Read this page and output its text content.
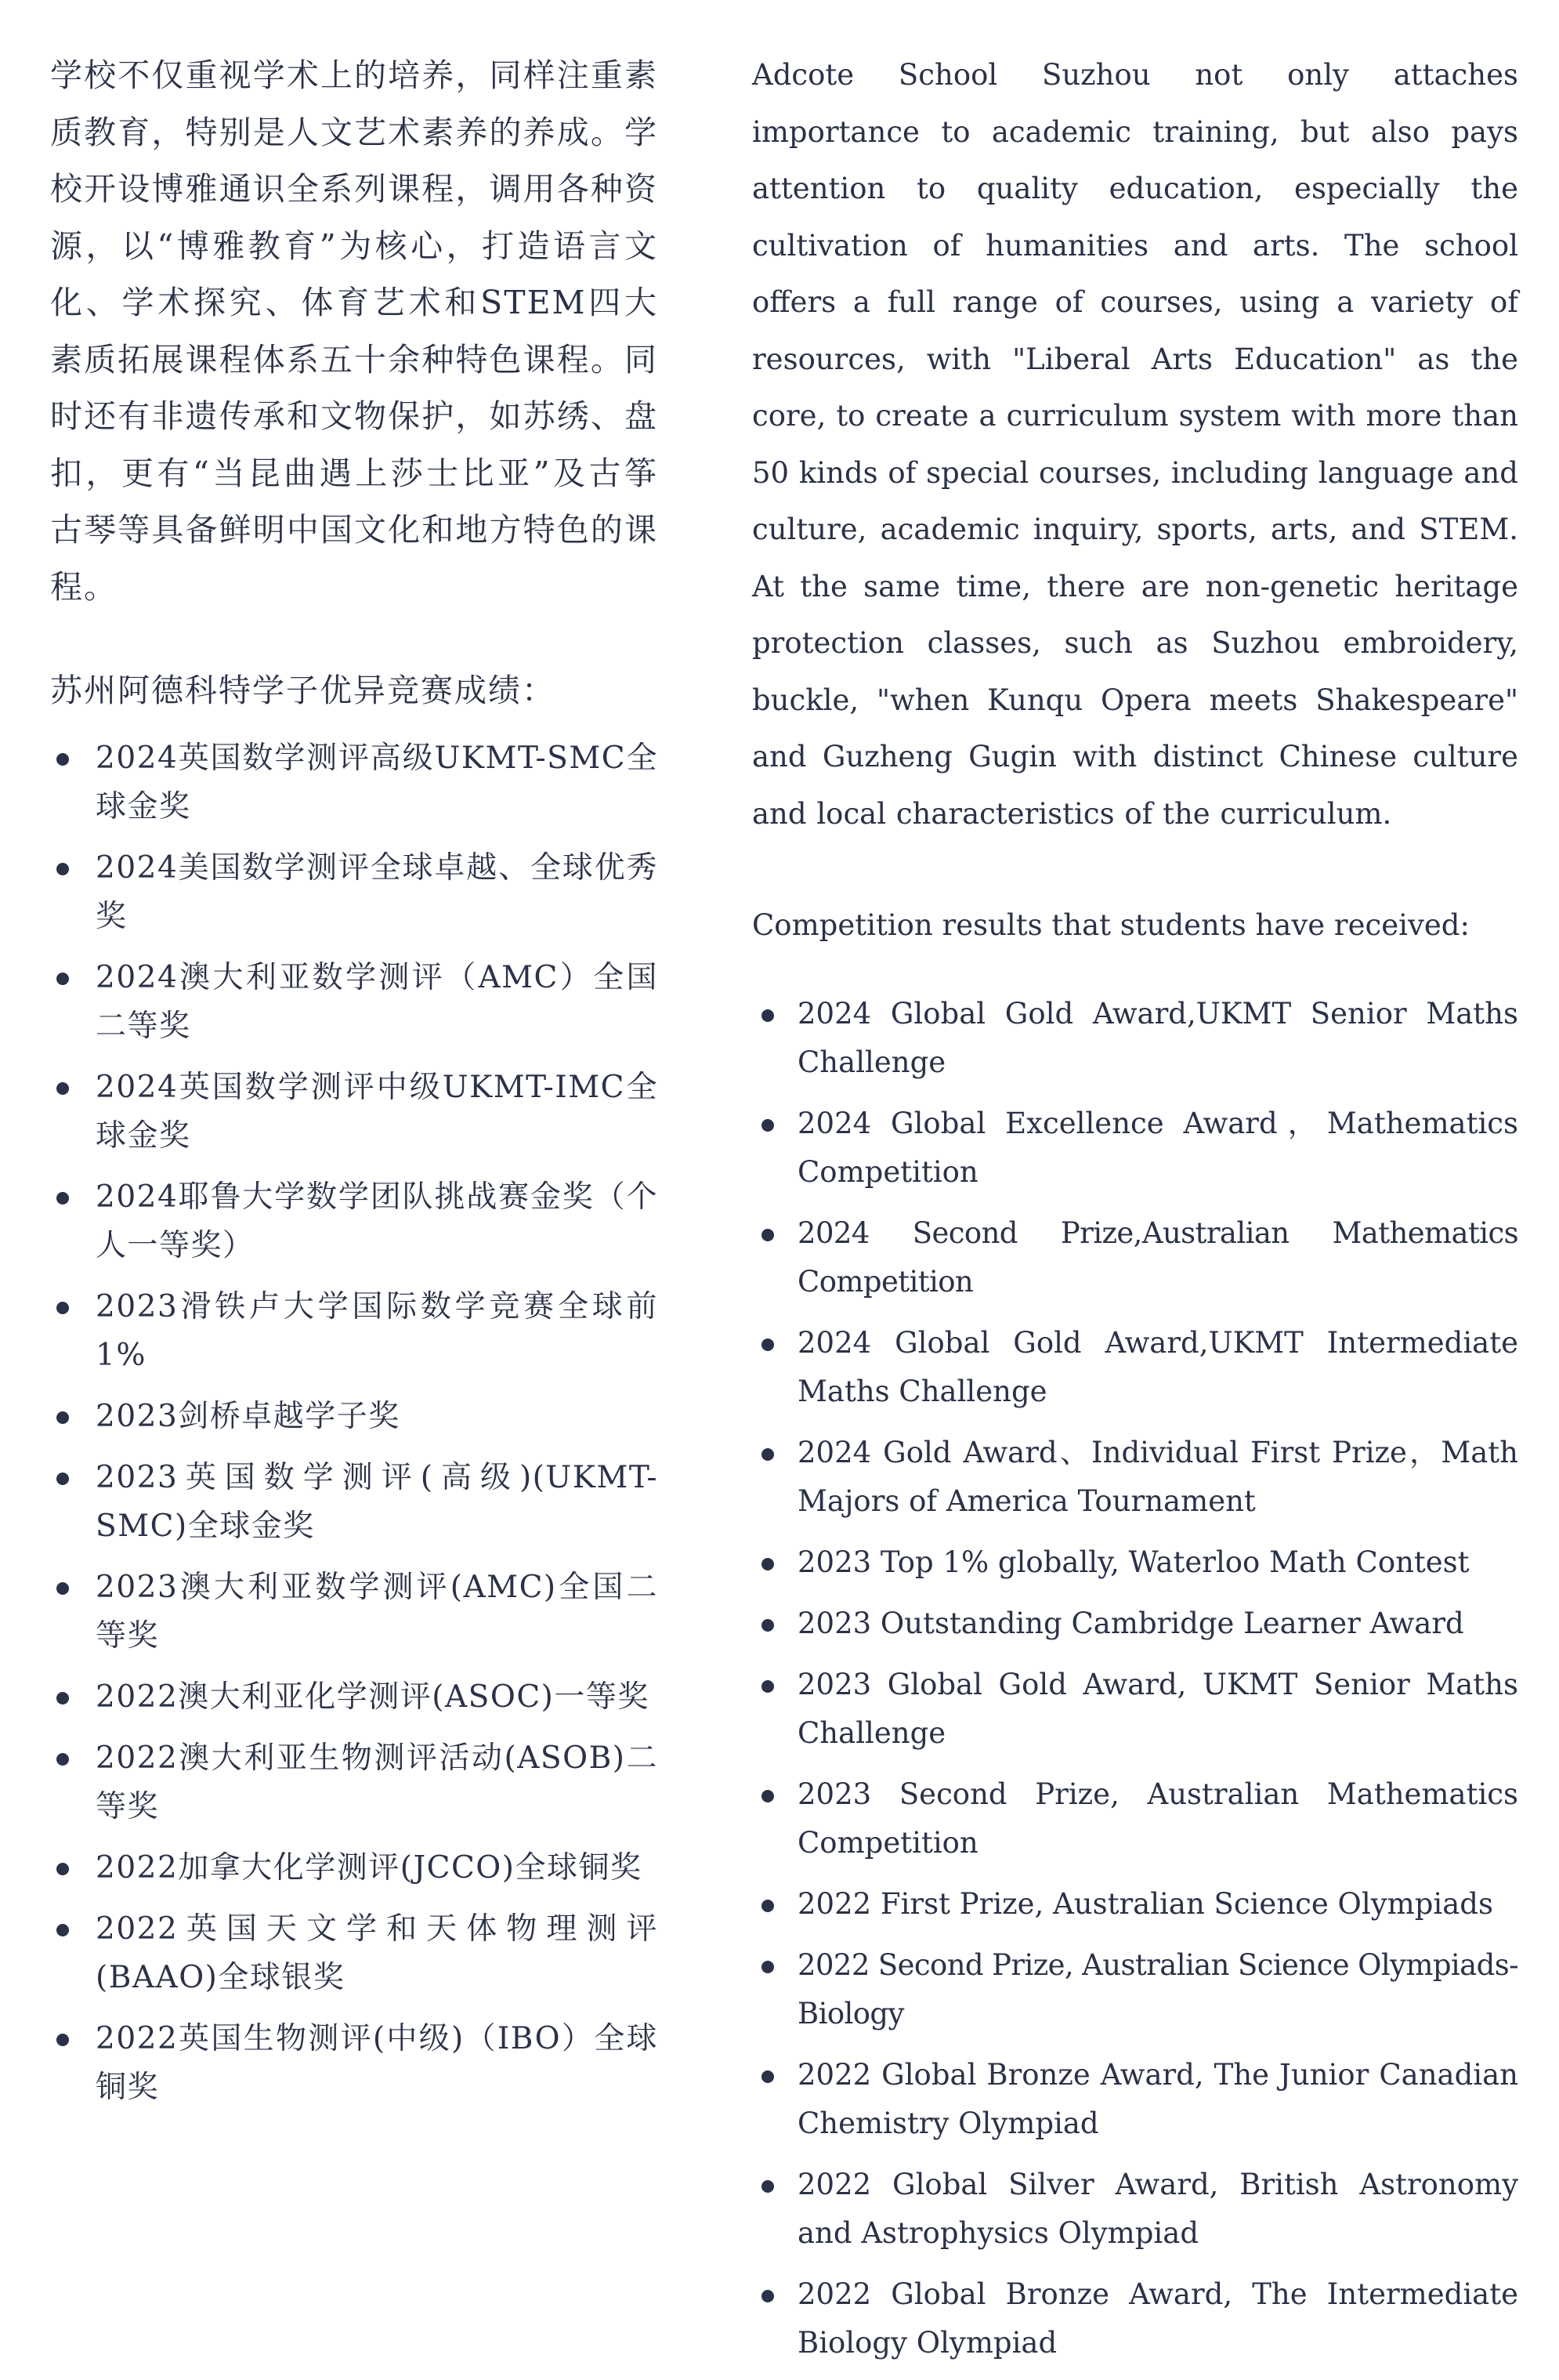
学校不仅重视学术上的培养，同样注重素质教育，特别是人文艺术素养的养成。学校开设博雅通识全系列课程，调用各种资源，以“博雅教育”为核心，打造语言文化、学术探究、体育艺术和STEM四大素质拓展课程体系五十余种特色课程。同时还有非遗传承和文物保护，如苏绣、盘扣，更有“当昆曲遇上莎士比亚”及古筝古琴等具备鲜明中国文化和地方特色的课程。

苏州阿德科特学子优异竞赛成绩：

2024英国数学测评高级UKMT-SMC全球金奖
2024美国数学测评全球卓越、全球优秀奖
2024澳大利亚数学测评（AMC）全国二等奖
2024英国数学测评中级UKMT-IMC全球金奖
2024耶鲁大学数学团队挑战赛金奖（个人一等奖）
2023滑铁卢大学国际数学竞赛全球前1%
2023剑桥卓越学子奖
2023英国数学测评(高级)(UKMT-SMC)全球金奖
2023澳大利亚数学测评(AMC)全国二等奖
2022澳大利亚化学测评(ASOC)一等奖
2022澳大利亚生物测评活动(ASOB)二等奖
2022加拿大化学测评(JCCO)全球铜奖
2022英国天文学和天体物理测评(BAAO)全球银奖
2022英国生物测评(中级)（IBO）全球铜奖

Adcote School Suzhou not only attaches importance to academic training, but also pays attention to quality education, especially the cultivation of humanities and arts. The school offers a full range of courses, using a variety of resources, with "Liberal Arts Education" as the core, to create a curriculum system with more than 50 kinds of special courses, including language and culture, academic inquiry, sports, arts, and STEM. At the same time, there are non-genetic heritage protection classes, such as Suzhou embroidery, buckle, "when Kunqu Opera meets Shakespeare" and Guzheng Gugin with distinct Chinese culture and local characteristics of the curriculum.

Competition results that students have received:

2024 Global Gold Award,UKMT Senior Maths Challenge
2024 Global Excellence Award，Mathematics Competition
2024 Second Prize,Australian Mathematics Competition
2024 Global Gold Award,UKMT Intermediate Maths Challenge
2024 Gold Award、Individual First Prize，Math Majors of America Tournament
2023 Top 1% globally, Waterloo Math Contest
2023 Outstanding Cambridge Learner Award
2023 Global Gold Award, UKMT Senior Maths Challenge
2023 Second Prize, Australian Mathematics Competition
2022 First Prize, Australian Science Olympiads
2022 Second Prize, Australian Science Olympiads-Biology
2022 Global Bronze Award, The Junior Canadian Chemistry Olympiad
2022 Global Silver Award, British Astronomy and Astrophysics Olympiad
2022 Global Bronze Award, The Intermediate Biology Olympiad
